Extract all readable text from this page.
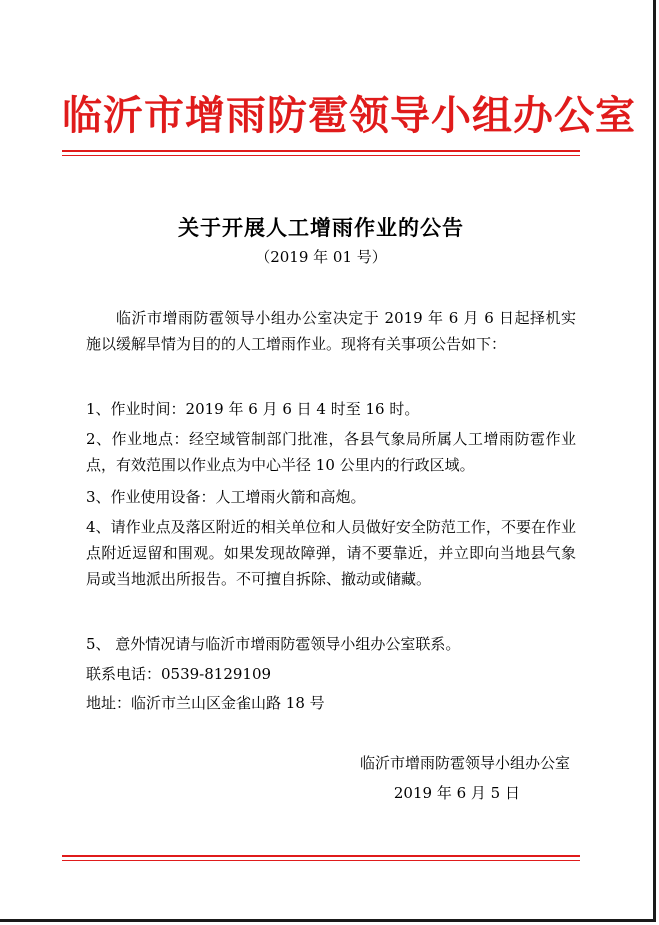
临沂市增雨防雹领导小组办公室
关于开展人工增雨作业的公告
（2019 年 01 号）
临沂市增雨防雹领导小组办公室决定于 2019 年 6 月 6 日起择机实施以缓解旱情为目的的人工增雨作业。现将有关事项公告如下：
1、作业时间：2019 年 6 月 6 日 4 时至 16 时。
2、作业地点：经空域管制部门批准，各县气象局所属人工增雨防雹作业点，有效范围以作业点为中心半径 10 公里内的行政区域。
3、作业使用设备：人工增雨火箭和高炮。
4、请作业点及落区附近的相关单位和人员做好安全防范工作，不要在作业点附近逗留和围观。如果发现故障弹，请不要靠近，并立即向当地县气象局或当地派出所报告。不可擅自拆除、撤动或储藏。
5、 意外情况请与临沂市增雨防雹领导小组办公室联系。
联系电话：0539-8129109
地址：临沂市兰山区金雀山路 18 号
临沂市增雨防雹领导小组办公室
2019 年 6 月 5 日
